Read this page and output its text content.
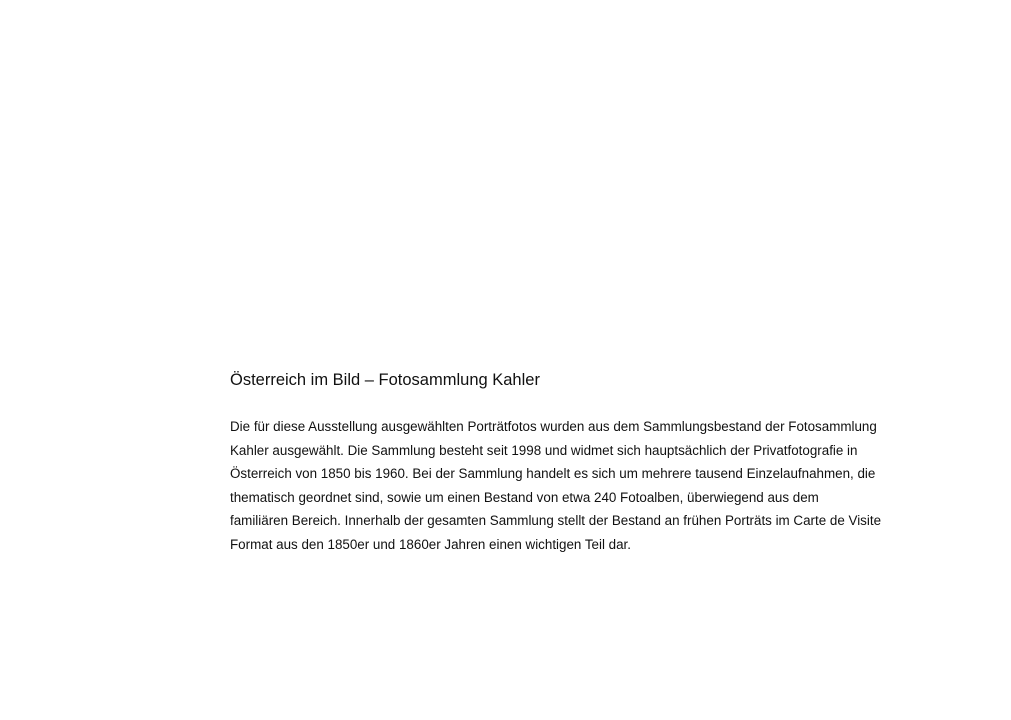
Österreich im Bild – Fotosammlung Kahler

Die für diese Ausstellung ausgewählten Porträtfotos wurden aus dem Sammlungsbestand der Fotosammlung
Kahler ausgewählt. Die Sammlung besteht seit 1998 und widmet sich hauptsächlich der Privatfotografie in
Österreich von 1850 bis 1960. Bei der Sammlung handelt es sich um mehrere tausend Einzelaufnahmen, die
thematisch geordnet sind, sowie um einen Bestand von etwa 240 Fotoalben, überwiegend aus dem
familiären Bereich. Innerhalb der gesamten Sammlung stellt der Bestand an frühen Porträts im Carte de Visite
Format aus den 1850er und 1860er Jahren einen wichtigen Teil dar.
